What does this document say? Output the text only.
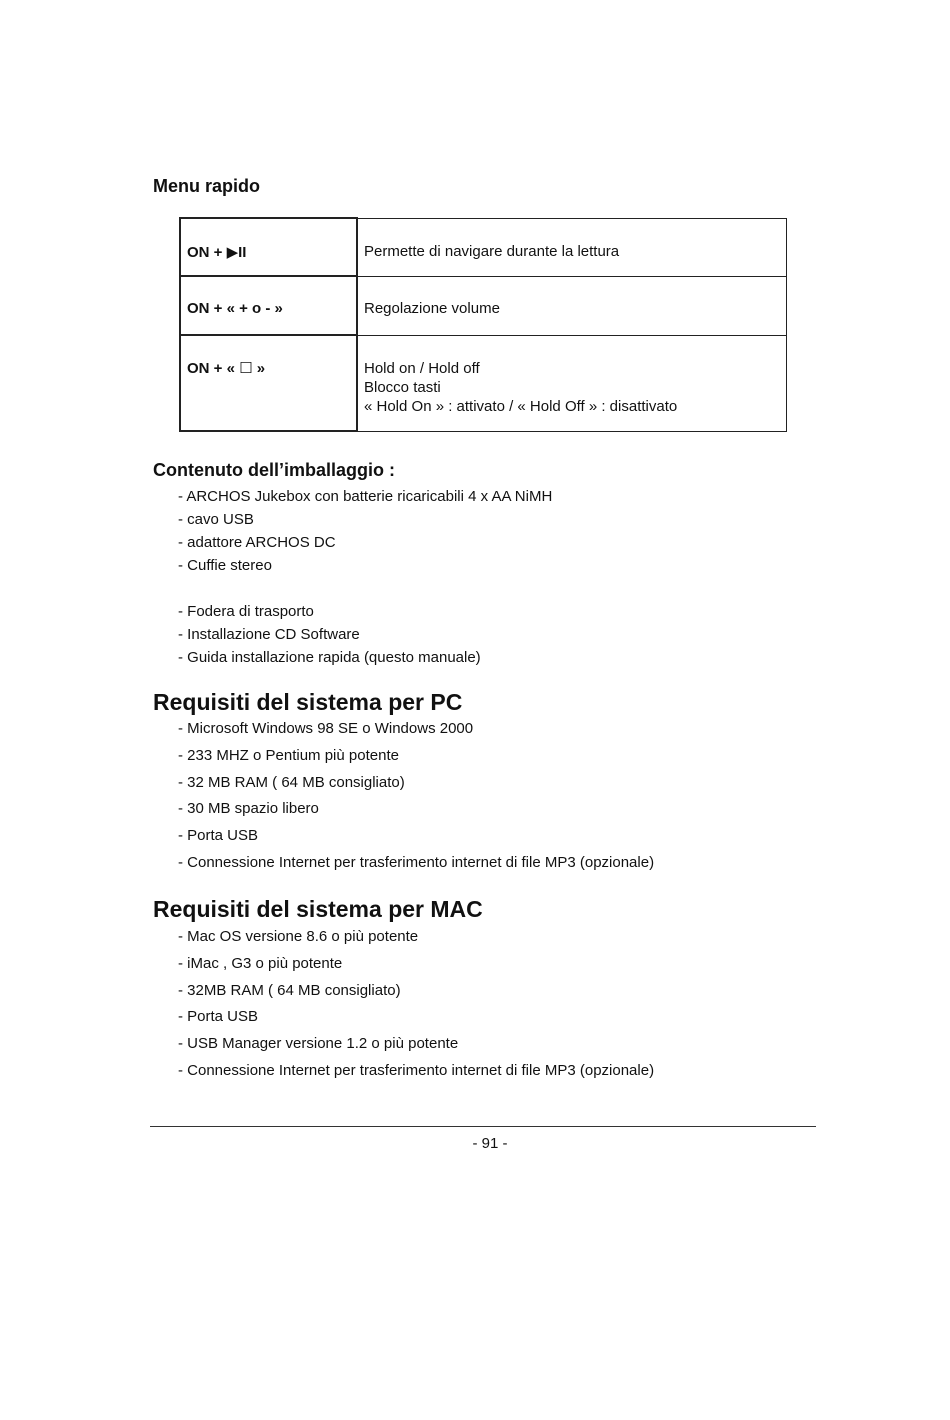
Menu rapido
ON + ▶II	Permette di navigare durante la lettura

ON + « + o - »	Regolazione volume

ON + « ☐ »	Hold on / Hold off
Blocco tasti
« Hold On » : attivato / « Hold Off » : disattivato
Contenuto dell’imballaggio :
- ARCHOS Jukebox con batterie ricaricabili 4 x AA NiMH
- cavo USB
- adattore ARCHOS DC
- Cuffie stereo
- Fodera di trasporto
- Installazione CD Software
- Guida installazione rapida (questo manuale)
Requisiti del sistema per PC
- Microsoft Windows 98 SE o Windows 2000
- 233 MHZ o Pentium più potente
- 32 MB RAM ( 64 MB consigliato)
- 30 MB spazio libero
- Porta USB
- Connessione Internet per trasferimento internet di file MP3 (opzionale)
Requisiti del sistema per MAC
- Mac OS versione 8.6 o più potente
- iMac , G3 o più potente
- 32MB RAM ( 64 MB consigliato)
- Porta USB
- USB Manager versione 1.2 o più potente
- Connessione Internet per trasferimento internet di file MP3 (opzionale)
- 91 -
